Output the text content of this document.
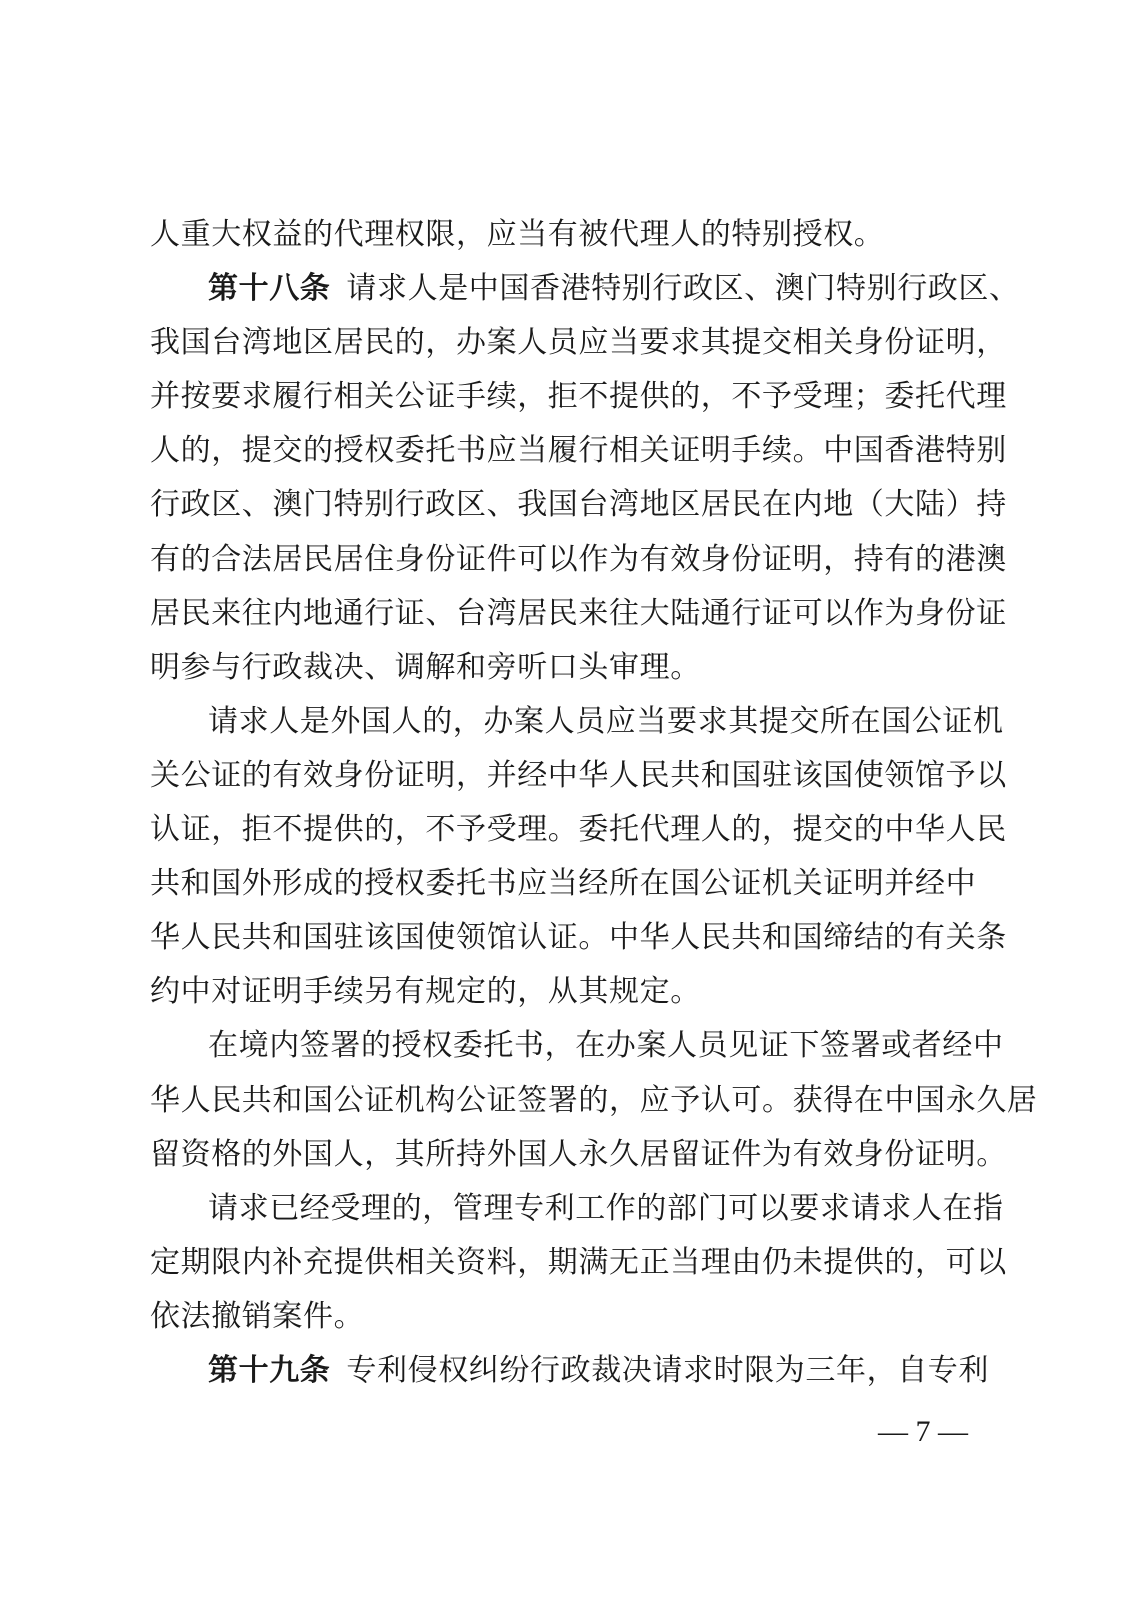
人重大权益的代理权限，应当有被代理人的特别授权。
第十八条 请求人是中国香港特别行政区、澳门特别行政区、
我国台湾地区居民的，办案人员应当要求其提交相关身份证明，
并按要求履行相关公证手续，拒不提供的，不予受理；委托代理
人的，提交的授权委托书应当履行相关证明手续。中国香港特别
行政区、澳门特别行政区、我国台湾地区居民在内地（大陆）持
有的合法居民居住身份证件可以作为有效身份证明，持有的港澳
居民来往内地通行证、台湾居民来往大陆通行证可以作为身份证
明参与行政裁决、调解和旁听口头审理。
请求人是外国人的，办案人员应当要求其提交所在国公证机
关公证的有效身份证明，并经中华人民共和国驻该国使领馆予以
认证，拒不提供的，不予受理。委托代理人的，提交的中华人民
共和国外形成的授权委托书应当经所在国公证机关证明并经中
华人民共和国驻该国使领馆认证。中华人民共和国缔结的有关条
约中对证明手续另有规定的，从其规定。
在境内签署的授权委托书，在办案人员见证下签署或者经中
华人民共和国公证机构公证签署的，应予认可。获得在中国永久居
留资格的外国人，其所持外国人永久居留证件为有效身份证明。
请求已经受理的，管理专利工作的部门可以要求请求人在指
定期限内补充提供相关资料，期满无正当理由仍未提供的，可以
依法撤销案件。
第十九条 专利侵权纠纷行政裁决请求时限为三年，自专利
— 7 —
